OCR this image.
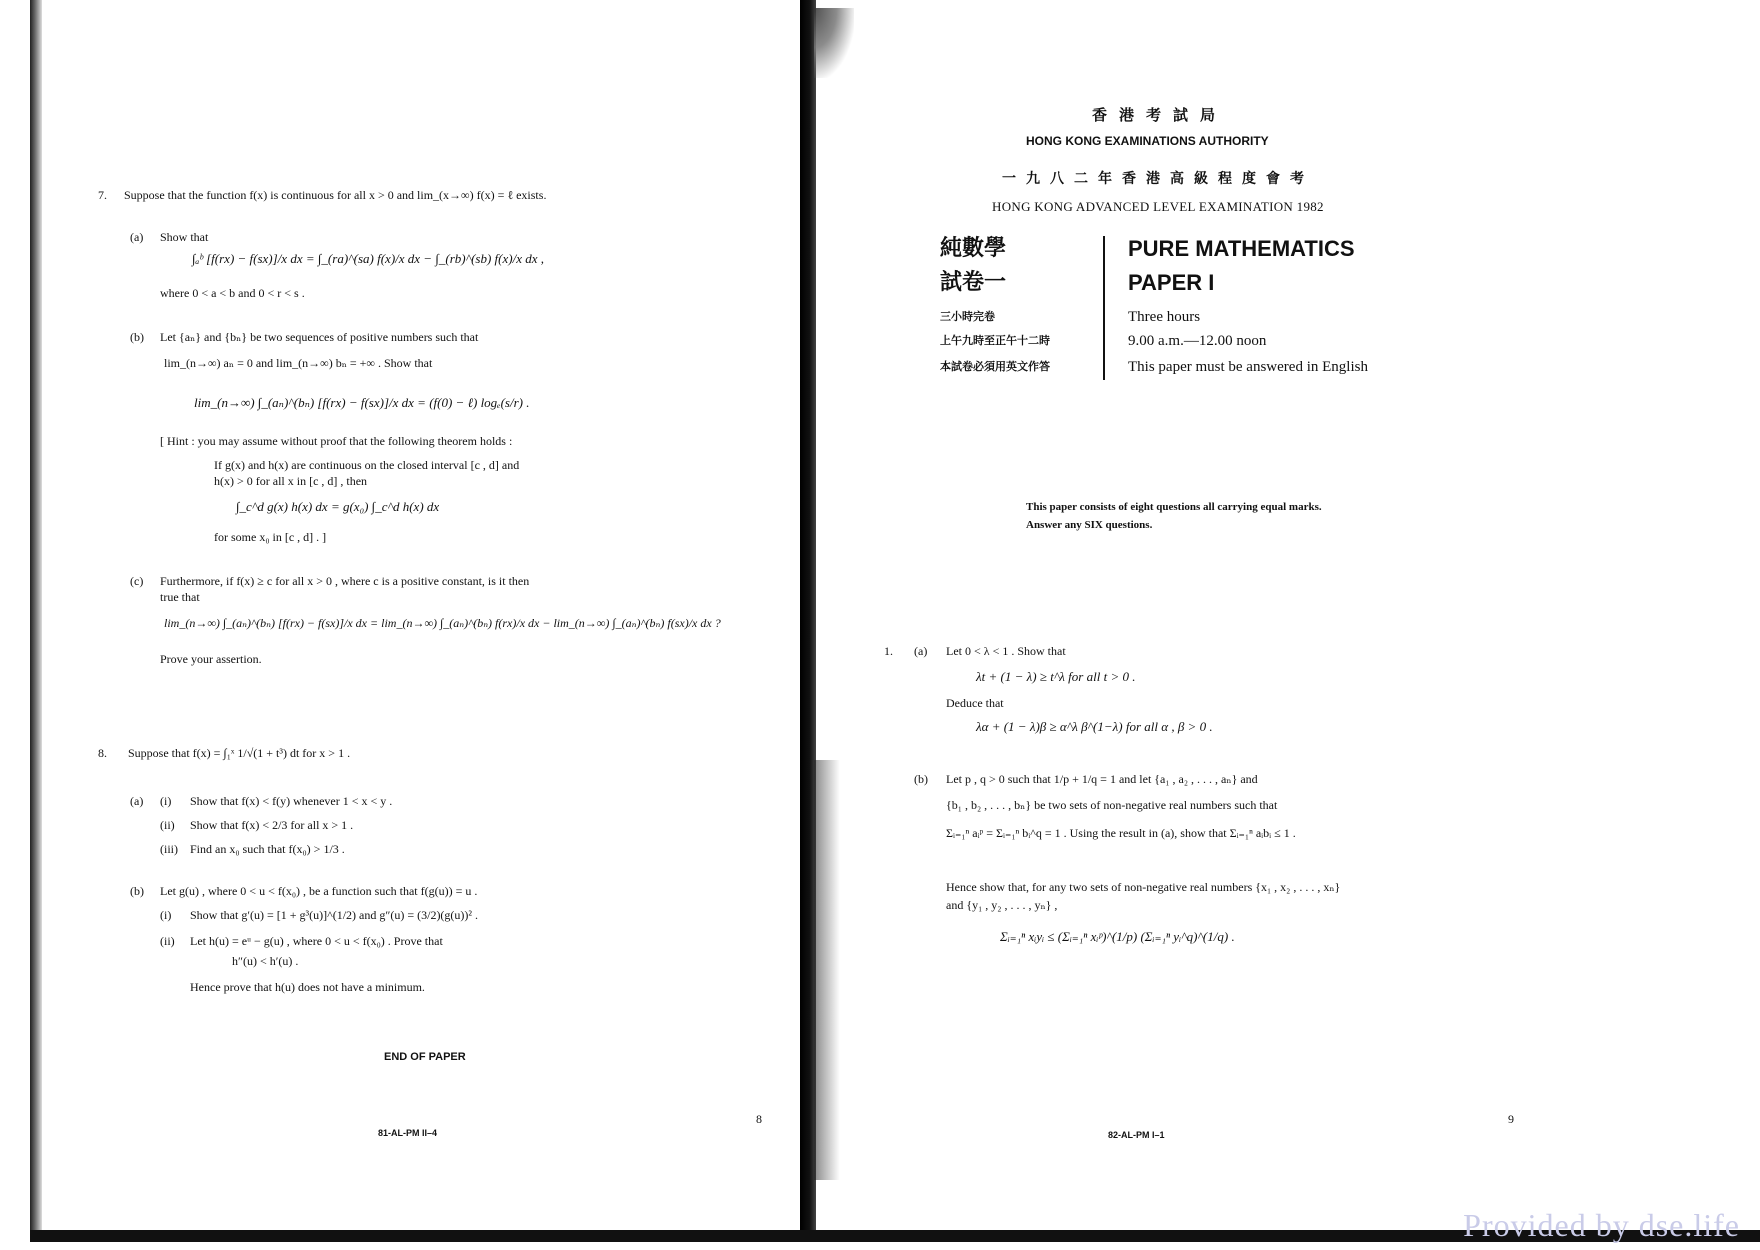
7. Suppose that the function f(x) is continuous for all x > 0 and lim_(x→∞) f(x) = ℓ exists.
(a) Show that
∫ₐᵇ [f(rx) − f(sx)]/x dx = ∫_(ra)^(sa) f(x)/x dx − ∫_(rb)^(sb) f(x)/x dx ,
where 0 < a < b and 0 < r < s .
(b) Let {aₙ} and {bₙ} be two sequences of positive numbers such that
lim_(n→∞) aₙ = 0 and lim_(n→∞) bₙ = +∞ . Show that
lim_(n→∞) ∫_(aₙ)^(bₙ) [f(rx) − f(sx)]/x dx = (f(0) − ℓ) logₑ(s/r) .
[ Hint : you may assume without proof that the following theorem holds :
If g(x) and h(x) are continuous on the closed interval [c , d] and
h(x) > 0 for all x in [c , d] , then
∫_c^d g(x) h(x) dx = g(x₀) ∫_c^d h(x) dx
for some x₀ in [c , d] . ]
(c) Furthermore, if f(x) ≥ c for all x > 0 , where c is a positive constant, is it then
true that
lim_(n→∞) ∫_(aₙ)^(bₙ) [f(rx) − f(sx)]/x dx = lim_(n→∞) ∫_(aₙ)^(bₙ) f(rx)/x dx − lim_(n→∞) ∫_(aₙ)^(bₙ) f(sx)/x dx ?
Prove your assertion.
8. Suppose that f(x) = ∫₁ˣ 1/√(1 + t³) dt for x > 1 .
(a) (i) Show that f(x) < f(y) whenever 1 < x < y .
(ii) Show that f(x) < 2/3 for all x > 1 .
(iii) Find an x₀ such that f(x₀) > 1/3 .
(b) Let g(u) , where 0 < u < f(x₀) , be a function such that f(g(u)) = u .
(i) Show that g′(u) = [1 + g³(u)]^(1/2) and g″(u) = (3/2)(g(u))² .
(ii) Let h(u) = eᵘ − g(u) , where 0 < u < f(x₀) . Prove that
h″(u) < h′(u) .
Hence prove that h(u) does not have a minimum.
END OF PAPER
8
81-AL-PM II–4
香港考試局
HONG KONG EXAMINATIONS AUTHORITY
一九八二年香港高級程度會考
HONG KONG ADVANCED LEVEL EXAMINATION 1982
純數學
試卷一
PURE MATHEMATICS
PAPER I
三小時完卷
上午九時至正午十二時
本試卷必須用英文作答
Three hours
9.00 a.m.—12.00 noon
This paper must be answered in English
This paper consists of eight questions all carrying equal marks.
Answer any SIX questions.
1. (a) Let 0 < λ < 1 . Show that
λt + (1 − λ) ≥ t^λ for all t > 0 .
Deduce that
λα + (1 − λ)β ≥ α^λ β^(1−λ) for all α , β > 0 .
(b) Let p , q > 0 such that 1/p + 1/q = 1 and let {a₁ , a₂ , . . . , aₙ} and
{b₁ , b₂ , . . . , bₙ} be two sets of non-negative real numbers such that
Σᵢ₌₁ⁿ aᵢᵖ = Σᵢ₌₁ⁿ bᵢ^q = 1 . Using the result in (a), show that Σᵢ₌₁ⁿ aᵢbᵢ ≤ 1 .
Hence show that, for any two sets of non-negative real numbers {x₁ , x₂ , . . . , xₙ}
and {y₁ , y₂ , . . . , yₙ} ,
Σᵢ₌₁ⁿ xᵢyᵢ ≤ (Σᵢ₌₁ⁿ xᵢᵖ)^(1/p) (Σᵢ₌₁ⁿ yᵢ^q)^(1/q) .
9
82-AL-PM I–1
Provided by dse.life
